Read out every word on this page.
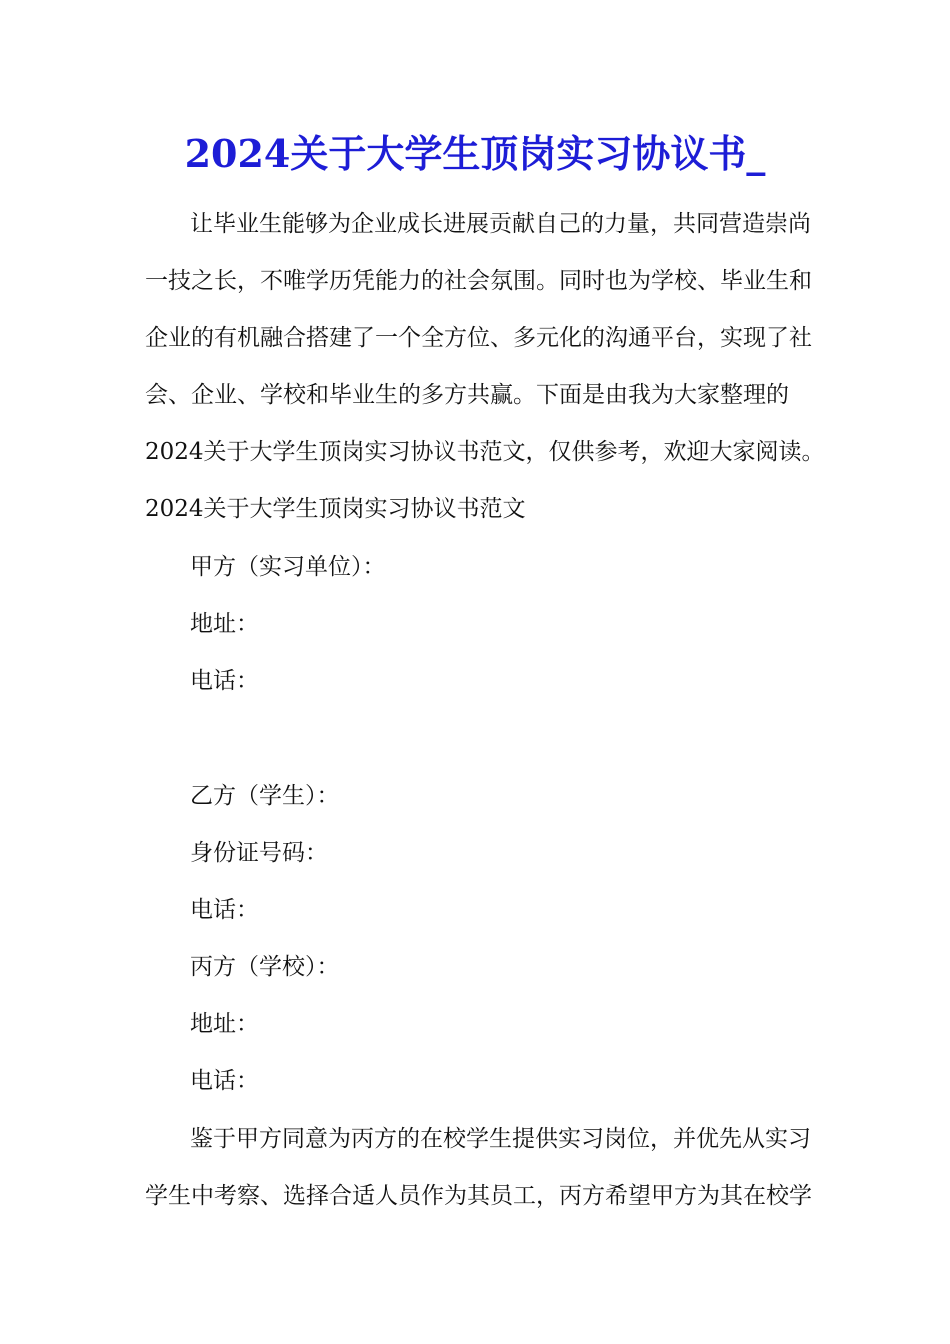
2024关于大学生顶岗实习协议书_
让毕业生能够为企业成长进展贡献自己的力量，共同营造崇尚
一技之长，不唯学历凭能力的社会氛围。同时也为学校、毕业生和
企业的有机融合搭建了一个全方位、多元化的沟通平台，实现了社
会、企业、学校和毕业生的多方共赢。下面是由我为大家整理的
2024关于大学生顶岗实习协议书范文，仅供参考，欢迎大家阅读。
2024关于大学生顶岗实习协议书范文
甲方（实习单位）：
地址：
电话：
乙方（学生）：
身份证号码：
电话：
丙方（学校）：
地址：
电话：
鉴于甲方同意为丙方的在校学生提供实习岗位，并优先从实习
学生中考察、选择合适人员作为其员工，丙方希望甲方为其在校学
